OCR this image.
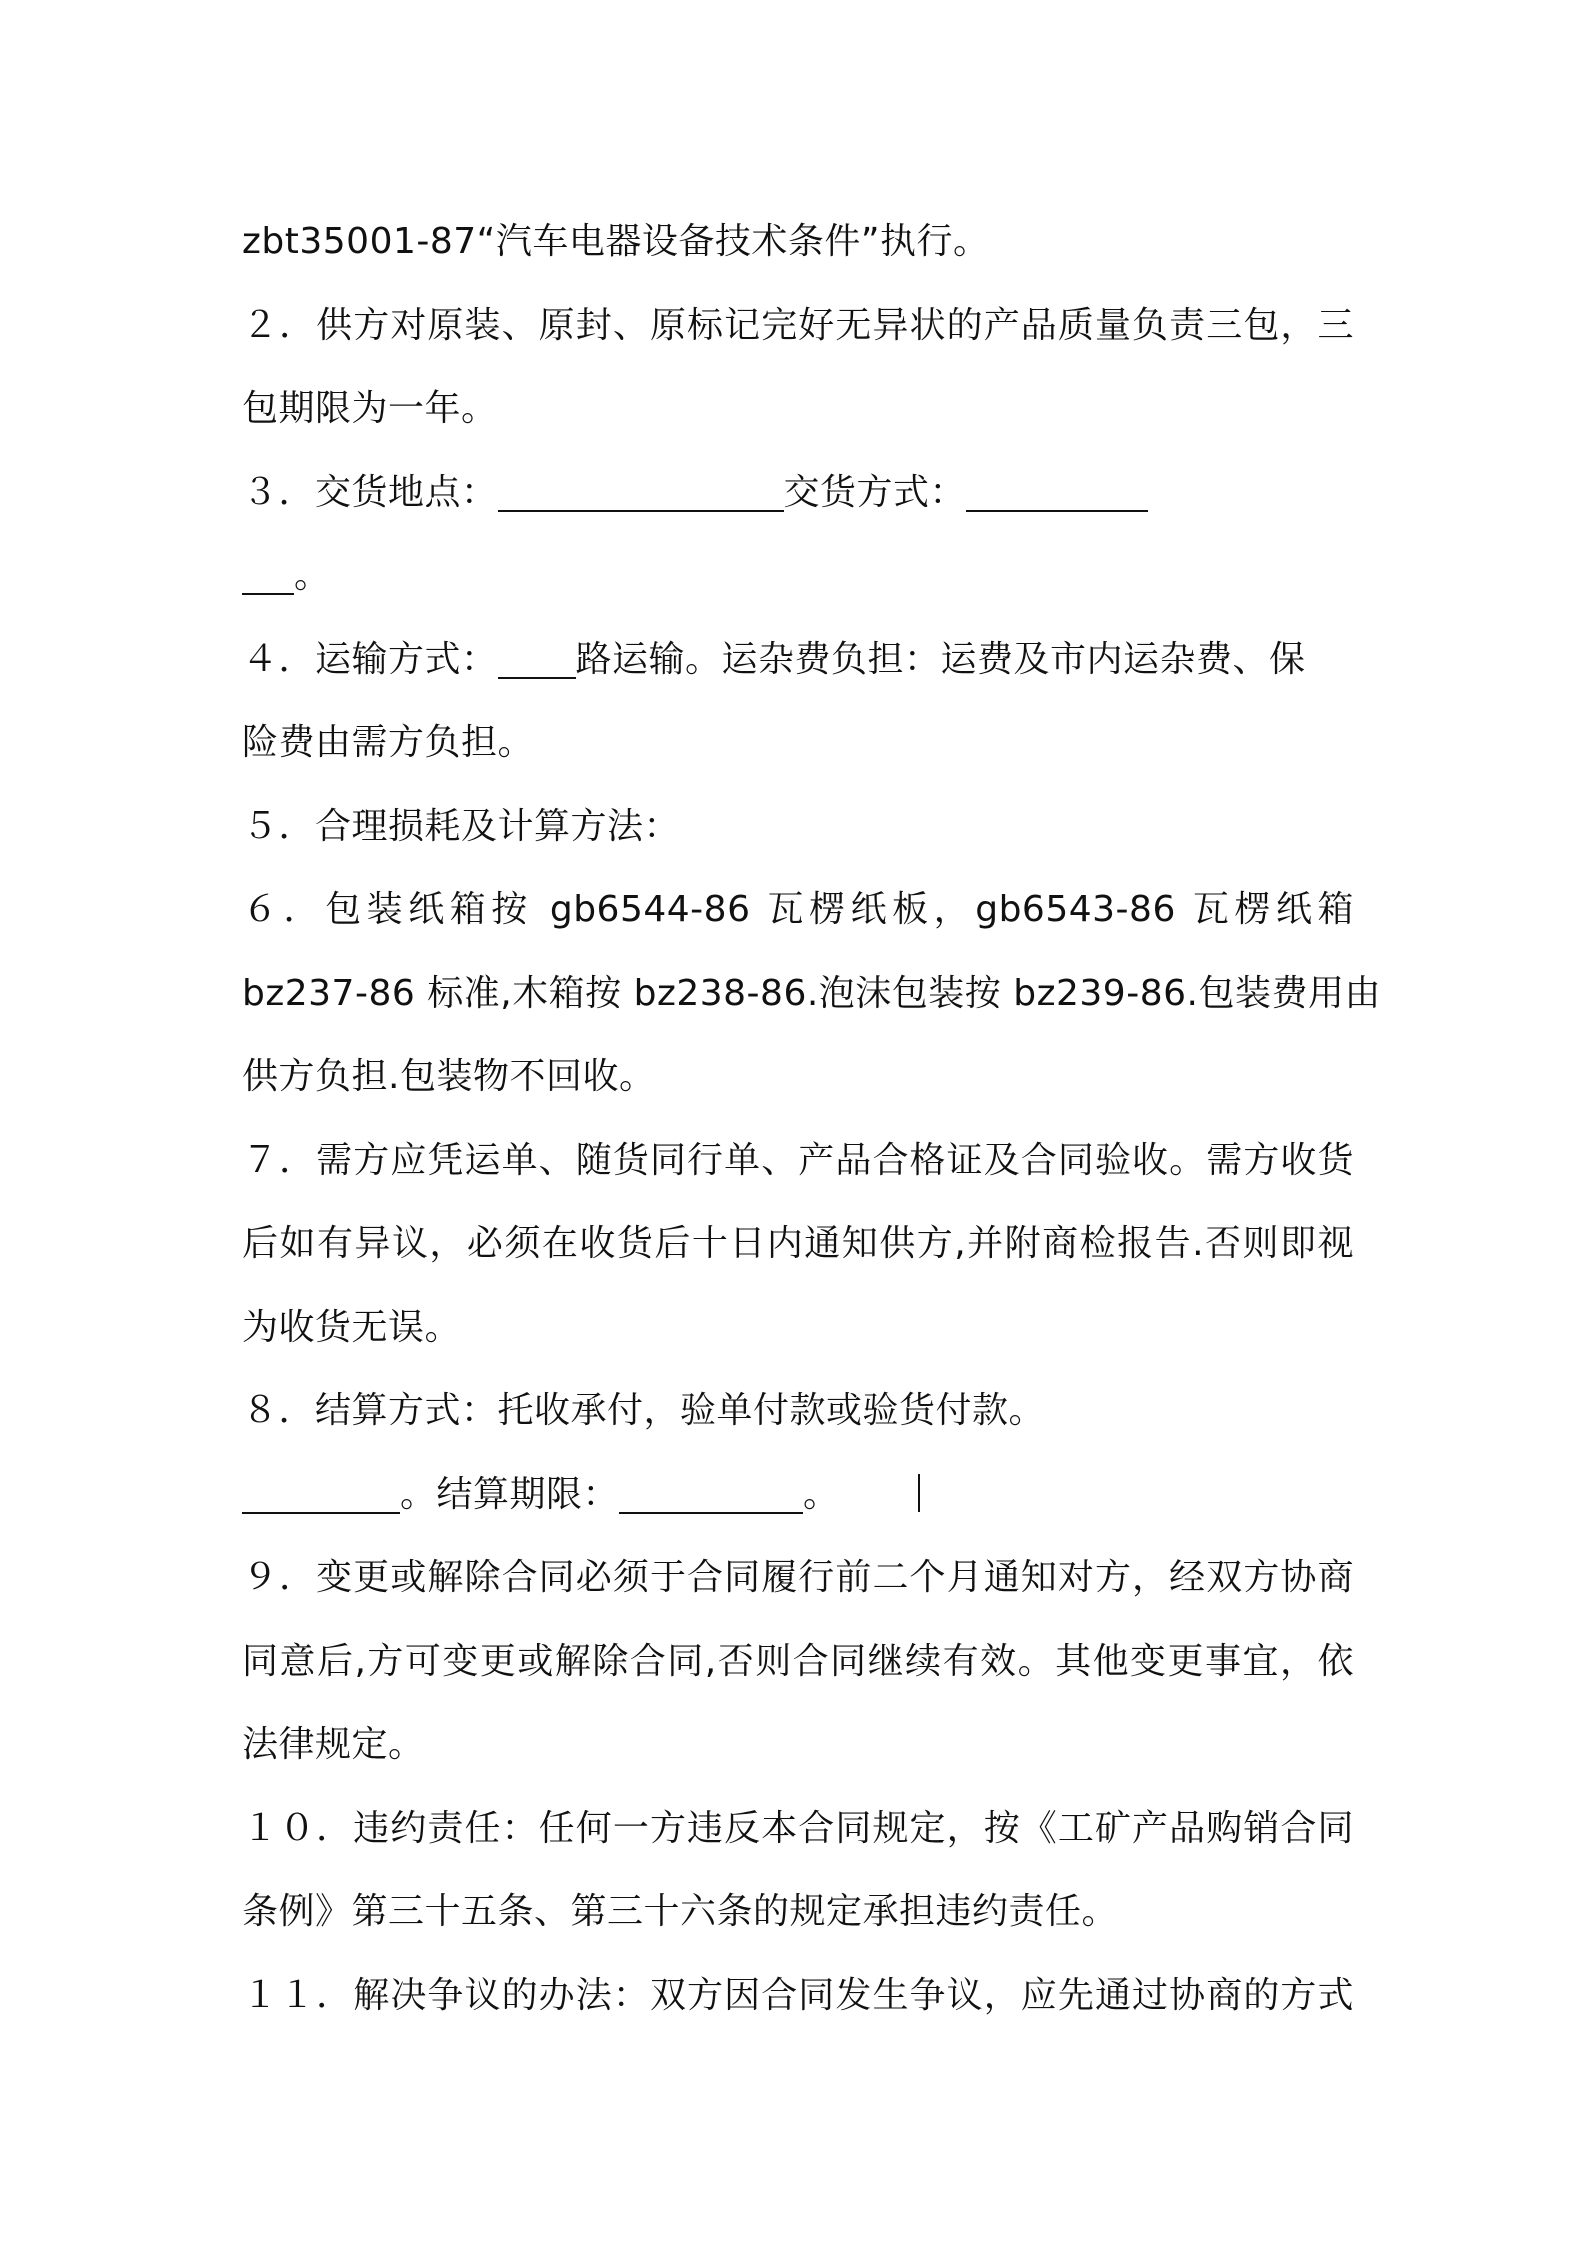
zbt35001-87“汽车电器设备技术条件”执行。
２．供方对原装、原封、原标记完好无异状的产品质量负责三包，三
包期限为一年。
３．交货地点：	交货方式：
。
４．运输方式： 路运输。运杂费负担：运费及市内运杂费、保
险费由需方负担。
５．合理损耗及计算方法：
６．包装纸箱按 gb6544-86 瓦楞纸板，gb6543-86 瓦楞纸箱
bz237-86 标准,木箱按 bz238-86.泡沫包装按 bz239-86.包装费用由
供方负担.包装物不回收。
７．需方应凭运单、随货同行单、产品合格证及合同验收。需方收货
后如有异议，必须在收货后十日内通知供方,并附商检报告.否则即视
为收货无误。
８．结算方式：托收承付，验单付款或验货付款。
。结算期限：	。
９．变更或解除合同必须于合同履行前二个月通知对方，经双方协商
同意后,方可变更或解除合同,否则合同继续有效。其他变更事宜，依
法律规定。
１０．违约责任：任何一方违反本合同规定，按《工矿产品购销合同
条例》第三十五条、第三十六条的规定承担违约责任。
１１．解决争议的办法：双方因合同发生争议，应先通过协商的方式
